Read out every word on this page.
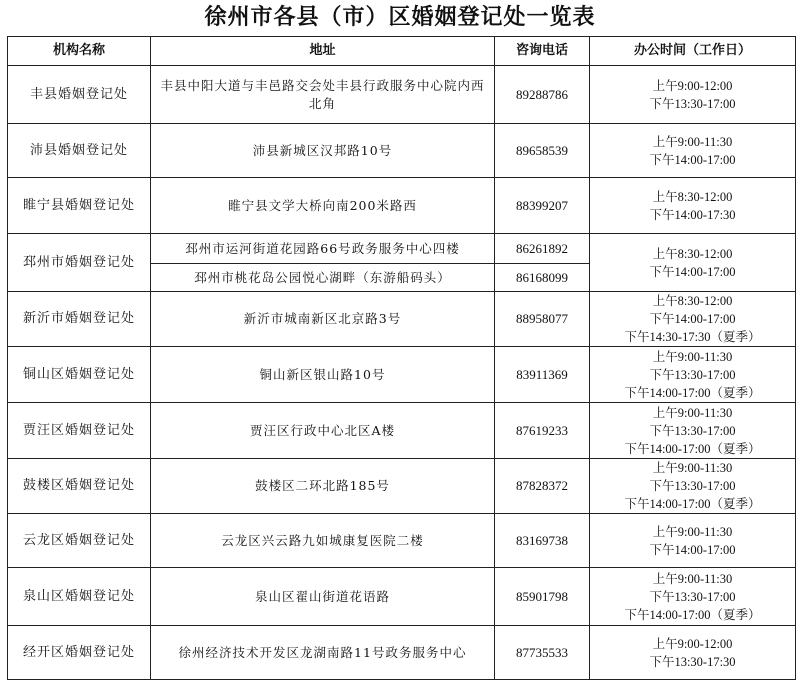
徐州市各县（市）区婚姻登记处一览表
机构名称	地址	咨询电话	办公时间（工作日）
丰县婚姻登记处	丰县中阳大道与丰邑路交会处丰县行政服务中心院内西北角	89288786	上午9:00-12:00
下午13:30-17:00

沛县婚姻登记处	沛县新城区汉邦路10号	89658539	上午9:00-11:30
下午14:00-17:00

睢宁县婚姻登记处	睢宁县文学大桥向南200米路西	88399207	上午8:30-12:00
下午14:00-17:30

邳州市婚姻登记处	邳州市运河街道花园路66号政务服务中心四楼	86261892	上午8:30-12:00
下午14:00-17:00

	邳州市桃花岛公园悦心湖畔（东游船码头）	86168099	
新沂市婚姻登记处	新沂市城南新区北京路3号	88958077	上午8:30-12:00
下午14:00-17:00
下午14:30-17:30（夏季）

铜山区婚姻登记处	铜山新区银山路10号	83911369	上午9:00-11:30
下午13:30-17:00
下午14:00-17:00（夏季）

贾汪区婚姻登记处	贾汪区行政中心北区A楼	87619233	上午9:00-11:30
下午13:30-17:00
下午14:00-17:00（夏季）

鼓楼区婚姻登记处	鼓楼区二环北路185号	87828372	上午9:00-11:30
下午13:30-17:00
下午14:00-17:00（夏季）

云龙区婚姻登记处	云龙区兴云路九如城康复医院二楼	83169738	上午9:00-11:30
下午14:00-17:00

泉山区婚姻登记处	泉山区翟山街道花语路	85901798	上午9:00-11:30
下午13:30-17:00
下午14:00-17:00（夏季）

经开区婚姻登记处	徐州经济技术开发区龙湖南路11号政务服务中心	87735533	上午9:00-12:00
下午13:30-17:30
